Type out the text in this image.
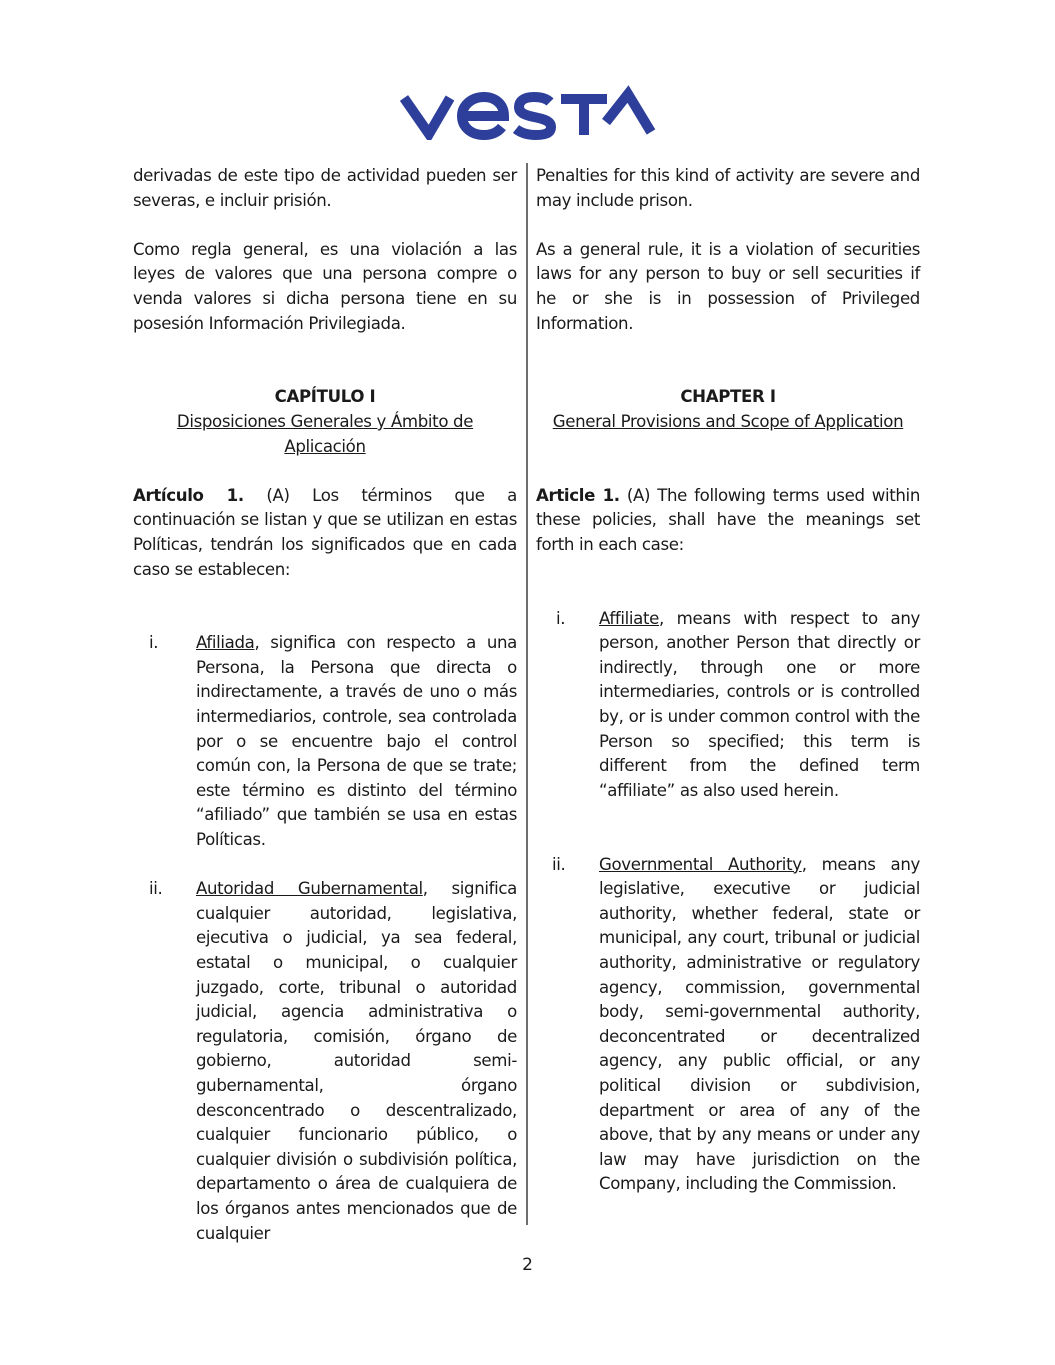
derivadas de este tipo de actividad pueden ser severas, e incluir prisión.

Como regla general, es una violación a las leyes de valores que una persona compre o venda valores si dicha persona tiene en su posesión Información Privilegiada.

CAPÍTULO I

Disposiciones Generales y Ámbito de Aplicación

Artículo 1. (A) Los términos que a continuación se listan y que se utilizan en estas Políticas, tendrán los significados que en cada caso se establecen:

i. Afiliada, significa con respecto a una Persona, la Persona que directa o indirectamente, a través de uno o más intermediarios, controle, sea controlada por o se encuentre bajo el control común con, la Persona de que se trate; este término es distinto del término “afiliado” que también se usa en estas Políticas.

ii. Autoridad Gubernamental, significa cualquier autoridad, legislativa, ejecutiva o judicial, ya sea federal, estatal o municipal, o cualquier juzgado, corte, tribunal o autoridad judicial, agencia administrativa o regulatoria, comisión, órgano de gobierno, autoridad semi-gubernamental, órgano desconcentrado o descentralizado, cualquier funcionario público, o cualquier división o subdivisión política, departamento o área de cualquiera de los órganos antes mencionados que de cualquier

Penalties for this kind of activity are severe and may include prison.

As a general rule, it is a violation of securities laws for any person to buy or sell securities if he or she is in possession of Privileged Information.

CHAPTER I

General Provisions and Scope of Application

Article 1. (A) The following terms used within these policies, shall have the meanings set forth in each case:

i. Affiliate, means with respect to any person, another Person that directly or indirectly, through one or more intermediaries, controls or is controlled by, or is under common control with the Person so specified; this term is different from the defined term “affiliate” as also used herein.

ii. Governmental Authority, means any legislative, executive or judicial authority, whether federal, state or municipal, any court, tribunal or judicial authority, administrative or regulatory agency, commission, governmental body, semi-governmental authority, deconcentrated or decentralized agency, any public official, or any political division or subdivision, department or area of any of the above, that by any means or under any law may have jurisdiction on the Company, including the Commission.

2
